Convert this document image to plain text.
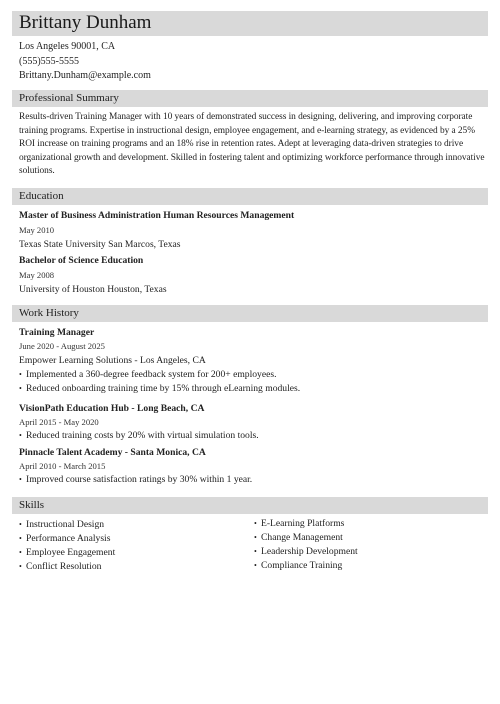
Brittany Dunham
Los Angeles 90001, CA
(555)555-5555
Brittany.Dunham@example.com
Professional Summary
Results-driven Training Manager with 10 years of demonstrated success in designing, delivering, and improving corporate training programs. Expertise in instructional design, employee engagement, and e-learning strategy, as evidenced by a 25% ROI increase on training programs and an 18% rise in retention rates. Adept at leveraging data-driven strategies to drive organizational growth and development. Skilled in fostering talent and optimizing workforce performance through innovative solutions.
Education
Master of Business Administration Human Resources Management
May 2010
Texas State University San Marcos, Texas
Bachelor of Science Education
May 2008
University of Houston Houston, Texas
Work History
Training Manager
June 2020 - August 2025
Empower Learning Solutions - Los Angeles, CA
• Implemented a 360-degree feedback system for 200+ employees.
• Reduced onboarding training time by 15% through eLearning modules.
VisionPath Education Hub - Long Beach, CA
April 2015 - May 2020
• Reduced training costs by 20% with virtual simulation tools.
Pinnacle Talent Academy - Santa Monica, CA
April 2010 - March 2015
• Improved course satisfaction ratings by 30% within 1 year.
Skills
• Instructional Design
• Performance Analysis
• Employee Engagement
• Conflict Resolution
• E-Learning Platforms
• Change Management
• Leadership Development
• Compliance Training
